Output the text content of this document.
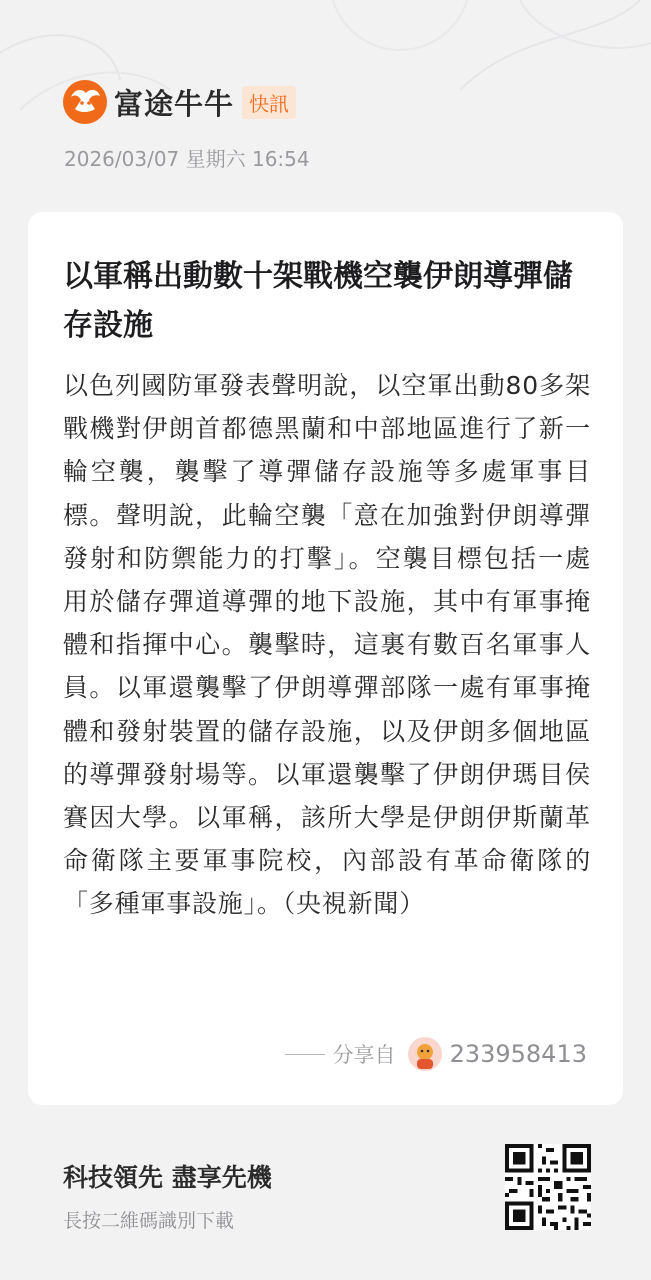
富途牛牛 快訊
2026/03/07 星期六 16:54
以軍稱出動數十架戰機空襲伊朗導彈儲存設施

以色列國防軍發表聲明說，以空軍出動80多架戰機對伊朗首都德黑蘭和中部地區進行了新一輪空襲，襲擊了導彈儲存設施等多處軍事目標。聲明說，此輪空襲「意在加強對伊朗導彈發射和防禦能力的打擊」。空襲目標包括一處用於儲存彈道導彈的地下設施，其中有軍事掩體和指揮中心。襲擊時，這裏有數百名軍事人員。以軍還襲擊了伊朗導彈部隊一處有軍事掩體和發射裝置的儲存設施，以及伊朗多個地區的導彈發射場等。以軍還襲擊了伊朗伊瑪目侯賽因大學。以軍稱，該所大學是伊朗伊斯蘭革命衛隊主要軍事院校，內部設有革命衛隊的「多種軍事設施」。（央視新聞）

分享自 233958413
科技領先 盡享先機
長按二維碼識別下載
